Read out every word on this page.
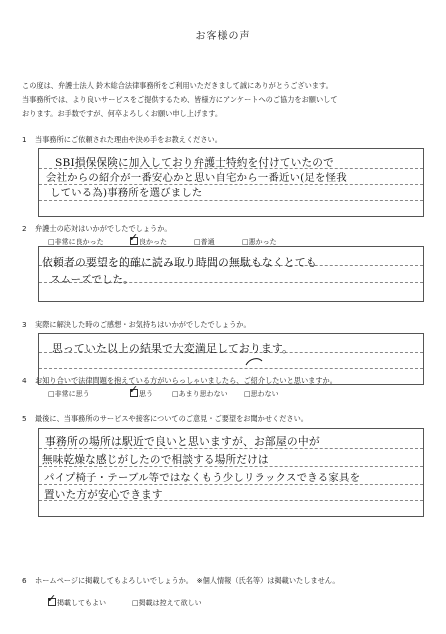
お客様の声
この度は、弁護士法人 鈴木総合法律事務所をご利用いただきまして誠にありがとうございます。
当事務所では、より良いサービスをご提供するため、皆様方にアンケートへのご協力をお願いして
おります。お手数ですが、何卒よろしくお願い申し上げます。
1 当事務所にご依頼された理由や決め手をお教えください。
SBI損保保険に加入しており弁護士特約を付けていたので
会社からの紹介が一番安心かと思い自宅から一番近い(足を怪我
している為)事務所を選びました
2 弁護士の応対はいかがでしたでしょうか。
□非常に良かった ✓ 良かった	□普通	□悪かった
依頼者の要望を的確に読み取り時間の無駄もなくとても
スムーズでした。
3 実際に解決した時のご感想・お気持ちはいかがでしたでしょうか。
思っていた以上の結果で大変満足しております。
4 お知り合いで法律問題を抱えている方がいらっしゃいましたら、ご紹介したいと思いますか。
□非常に思う	✓ 思う	□あまり思わない □思わない
5 最後に、当事務所のサービスや接客についてのご意見・ご要望をお聞かせください。
事務所の場所は駅近で良いと思いますが、お部屋の中が
無味乾燥な感じがしたので相談する場所だけは
パイプ椅子・テーブル等ではなくもう少しリラックスできる家具を
置いた方が安心できます
6 ホームページに掲載してもよろしいでしょうか。　※個人情報（氏名等）は掲載いたしません。
✓ 掲載してもよい	□掲載は控えて欲しい
